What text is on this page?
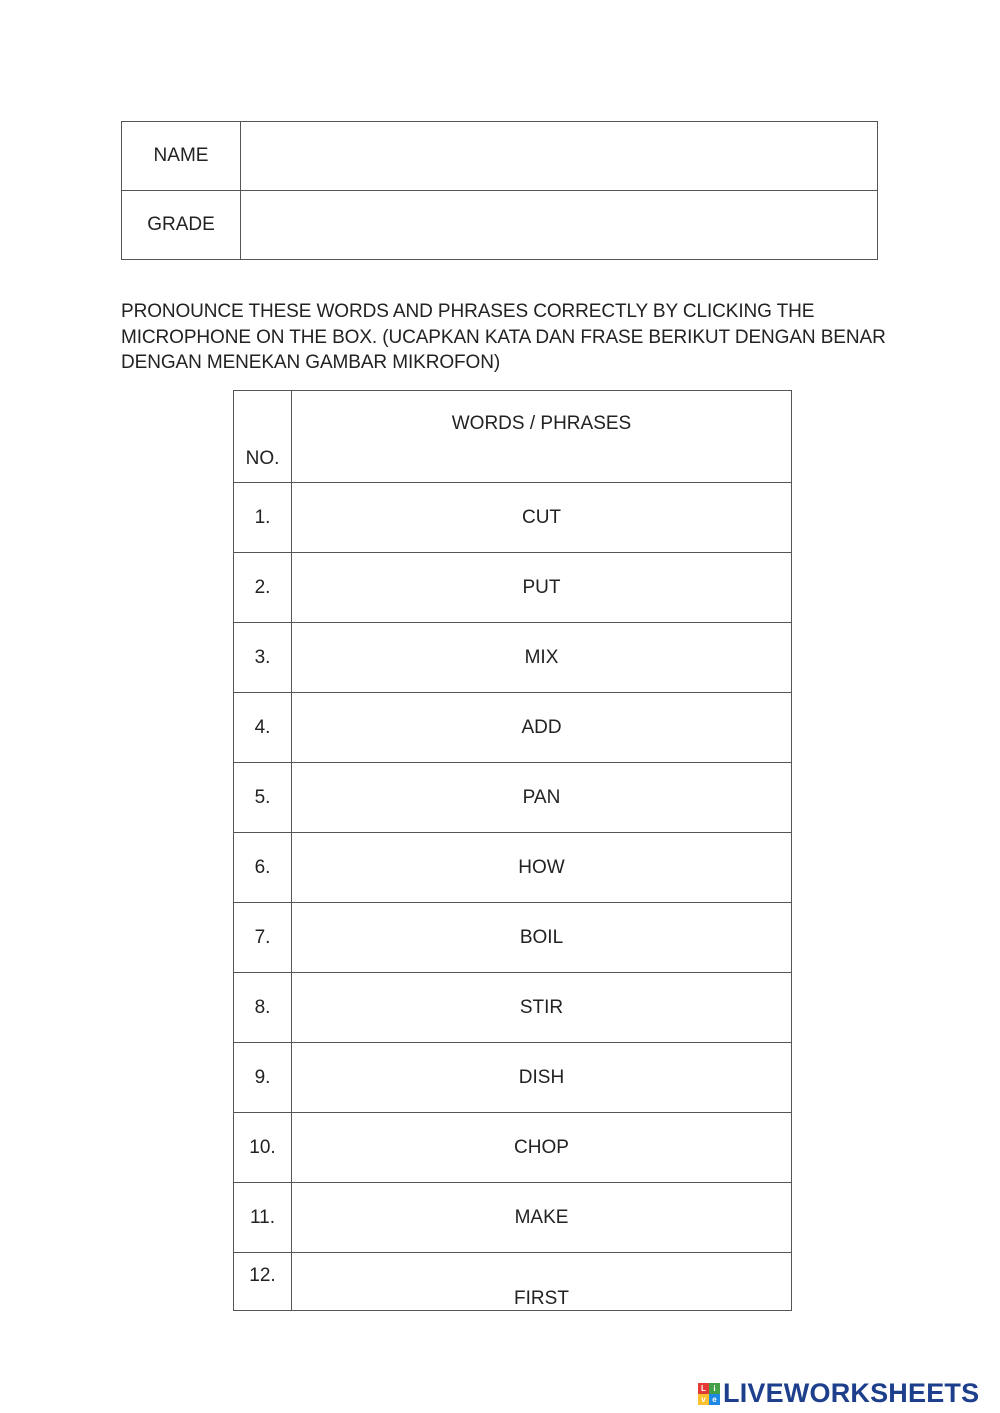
NAME	
GRADE	
PRONOUNCE THESE WORDS AND PHRASES CORRECTLY BY CLICKING THE MICROPHONE ON THE BOX. (UCAPKAN KATA DAN FRASE BERIKUT DENGAN BENAR DENGAN MENEKAN GAMBAR MIKROFON)
NO.	WORDS / PHRASES
1.	CUT
2.	PUT
3.	MIX
4.	ADD
5.	PAN
6.	HOW
7.	BOIL
8.	STIR
9.	DISH
10.	CHOP
11.	MAKE
12.	FIRST
L i
v e LIVEWORKSHEETS
